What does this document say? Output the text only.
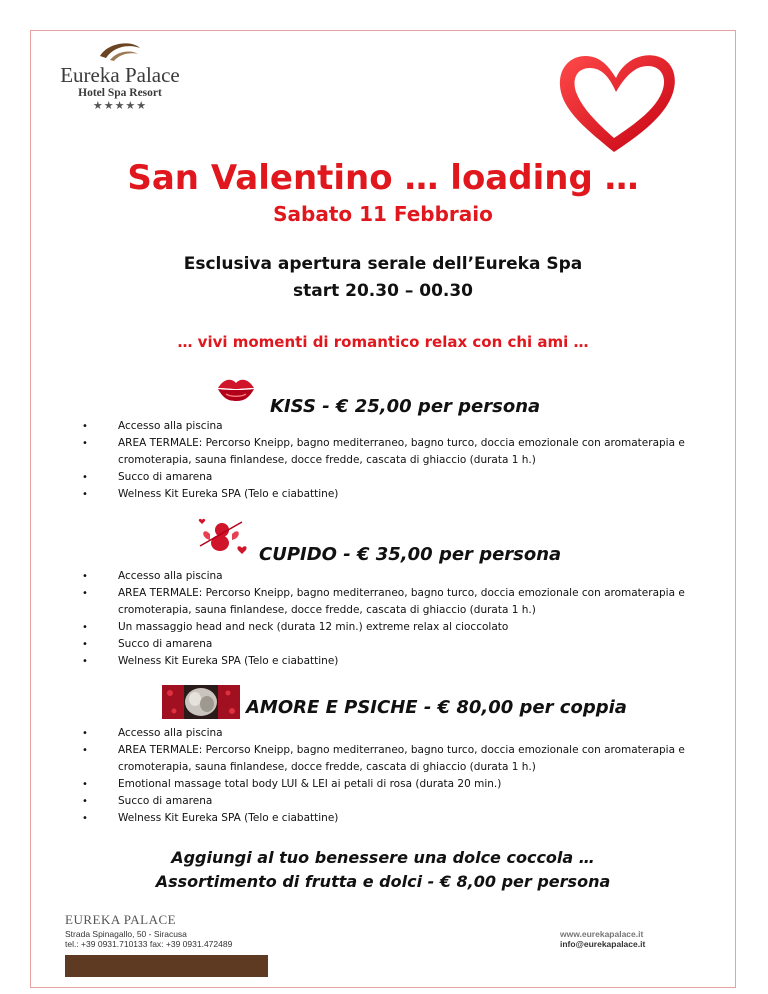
Eureka Palace
Hotel Spa Resort
★★★★★
San Valentino … loading …
Sabato 11 Febbraio
Esclusiva apertura serale dell’Eureka Spa
start 20.30 – 00.30
… vivi momenti di romantico relax con chi ami …
KISS - € 25,00 per persona
• Accesso alla piscina
• AREA TERMALE: Percorso Kneipp, bagno mediterraneo, bagno turco, doccia emozionale con aromaterapia e cromoterapia, sauna finlandese, docce fredde, cascata di ghiaccio (durata 1 h.)
• Succo di amarena
• Welness Kit Eureka SPA (Telo e ciabattine)
CUPIDO - € 35,00 per persona
• Accesso alla piscina
• AREA TERMALE: Percorso Kneipp, bagno mediterraneo, bagno turco, doccia emozionale con aromaterapia e cromoterapia, sauna finlandese, docce fredde, cascata di ghiaccio (durata 1 h.)
• Un massaggio head and neck (durata 12 min.) extreme relax al cioccolato
• Succo di amarena
• Welness Kit Eureka SPA (Telo e ciabattine)
AMORE E PSICHE - € 80,00 per coppia
• Accesso alla piscina
• AREA TERMALE: Percorso Kneipp, bagno mediterraneo, bagno turco, doccia emozionale con aromaterapia e cromoterapia, sauna finlandese, docce fredde, cascata di ghiaccio (durata 1 h.)
• Emotional massage total body LUI & LEI ai petali di rosa (durata 20 min.)
• Succo di amarena
• Welness Kit Eureka SPA (Telo e ciabattine)
Aggiungi al tuo benessere una dolce coccola …
Assortimento di frutta e dolci - € 8,00 per persona
EUREKA PALACE
Strada Spinagallo, 50 - Siracusa
tel.: +39 0931.710133 fax: +39 0931.472489
www.eurekapalace.it
info@eurekapalace.it
